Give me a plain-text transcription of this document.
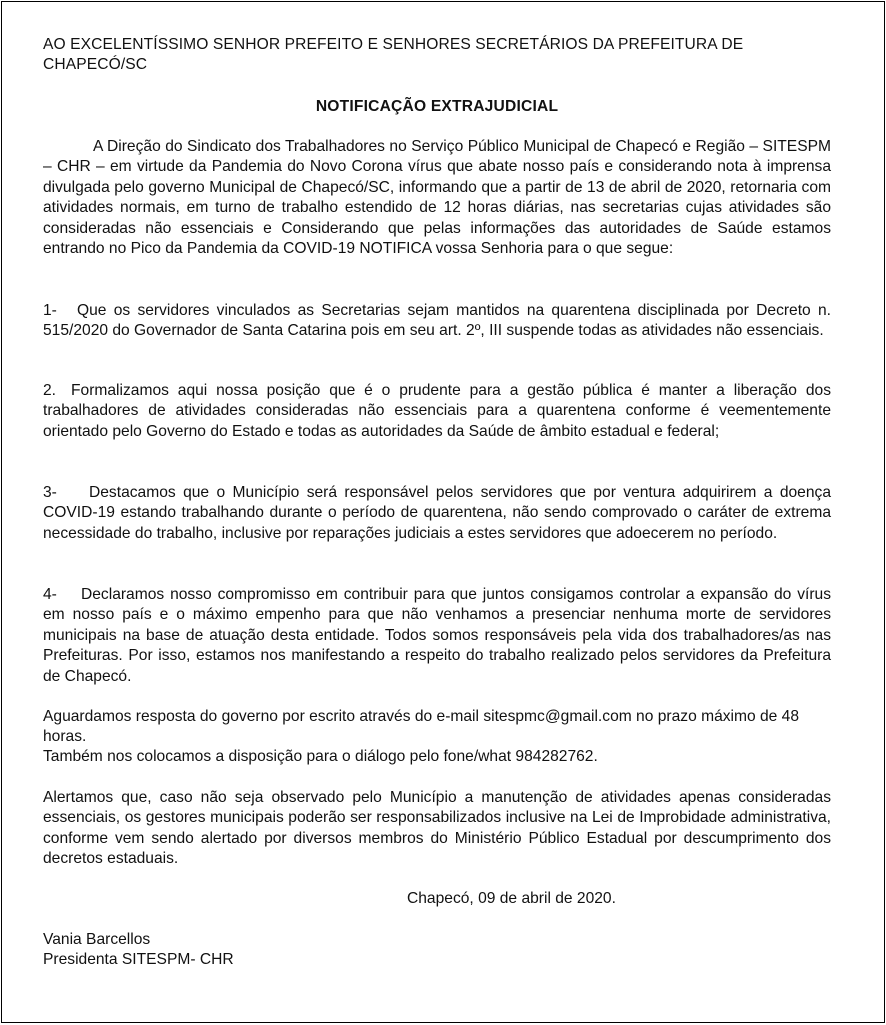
AO EXCELENTÍSSIMO SENHOR PREFEITO E SENHORES SECRETÁRIOS DA PREFEITURA DE CHAPECÓ/SC

NOTIFICAÇÃO EXTRAJUDICIAL

A Direção do Sindicato dos Trabalhadores no Serviço Público Municipal de Chapecó e Região – SITESPM – CHR – em virtude da Pandemia do Novo Corona vírus que abate nosso país e considerando nota à imprensa divulgada pelo governo Municipal de Chapecó/SC, informando que a partir de 13 de abril de 2020, retornaria com atividades normais, em turno de trabalho estendido de 12 horas diárias, nas secretarias cujas atividades são consideradas não essenciais e Considerando que pelas informações das autoridades de Saúde estamos entrando no Pico da Pandemia da COVID-19 NOTIFICA vossa Senhoria para o que segue:

1- Que os servidores vinculados as Secretarias sejam mantidos na quarentena disciplinada por Decreto n. 515/2020 do Governador de Santa Catarina pois em seu art. 2º, III suspende todas as atividades não essenciais.

2. Formalizamos aqui nossa posição que é o prudente para a gestão pública é manter a liberação dos trabalhadores de atividades consideradas não essenciais para a quarentena conforme é veementemente orientado pelo Governo do Estado e todas as autoridades da Saúde de âmbito estadual e federal;

3- Destacamos que o Município será responsável pelos servidores que por ventura adquirirem a doença COVID-19 estando trabalhando durante o período de quarentena, não sendo comprovado o caráter de extrema necessidade do trabalho, inclusive por reparações judiciais a estes servidores que adoecerem no período.

4- Declaramos nosso compromisso em contribuir para que juntos consigamos controlar a expansão do vírus em nosso país e o máximo empenho para que não venhamos a presenciar nenhuma morte de servidores municipais na base de atuação desta entidade. Todos somos responsáveis pela vida dos trabalhadores/as nas Prefeituras. Por isso, estamos nos manifestando a respeito do trabalho realizado pelos servidores da Prefeitura de Chapecó.

Aguardamos resposta do governo por escrito através do e-mail sitespmc@gmail.com no prazo máximo de 48 horas.

Também nos colocamos a disposição para o diálogo pelo fone/what 984282762.

Alertamos que, caso não seja observado pelo Município a manutenção de atividades apenas consideradas essenciais, os gestores municipais poderão ser responsabilizados inclusive na Lei de Improbidade administrativa, conforme vem sendo alertado por diversos membros do Ministério Público Estadual por descumprimento dos decretos estaduais.

Chapecó, 09 de abril de 2020.

Vania Barcellos

Presidenta SITESPM- CHR
